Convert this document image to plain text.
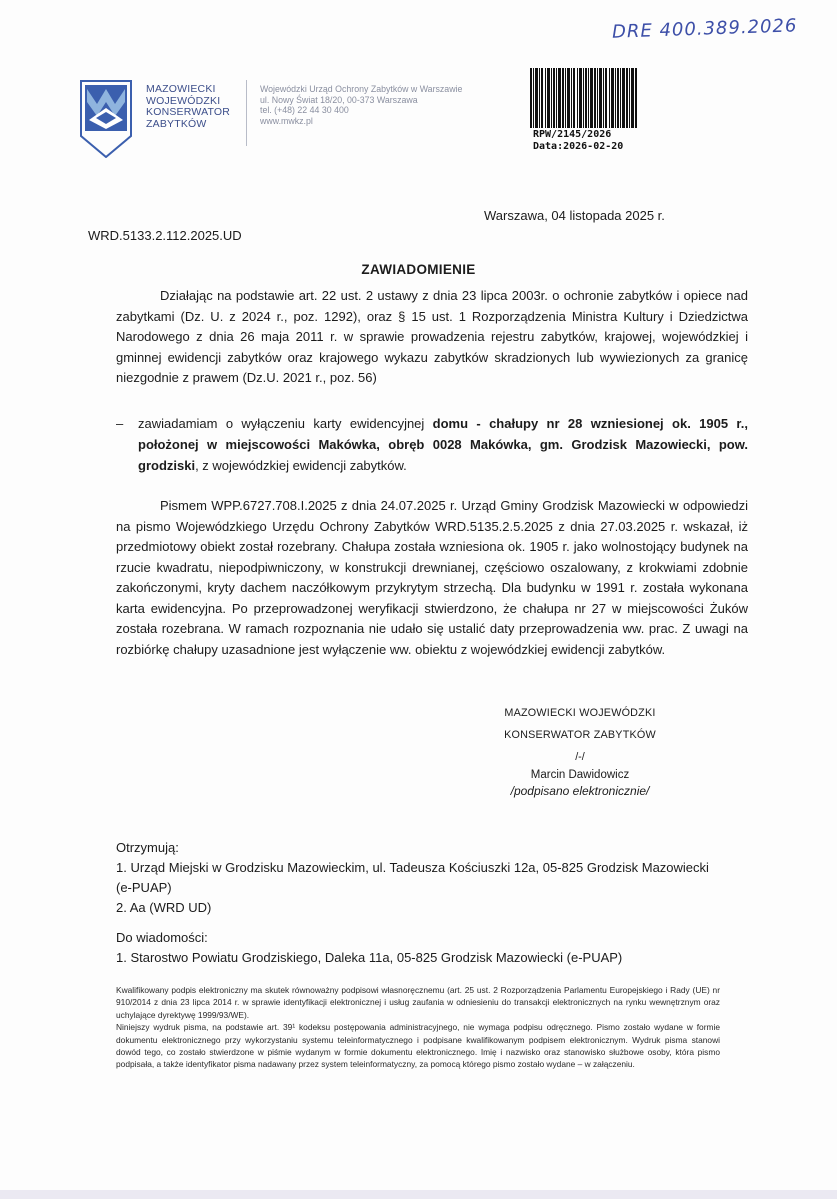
DRE 400.389.2026
MAZOWIECKI
WOJEWÓDZKI
KONSERWATOR
ZABYTKÓW
Wojewódzki Urząd Ochrony Zabytków w Warszawie
ul. Nowy Świat 18/20, 00-373 Warszawa
tel. (+48) 22 44 30 400
www.mwkz.pl
RPW/2145/2026
Data:2026-02-20
Warszawa, 04 listopada 2025 r.
WRD.5133.2.112.2025.UD
ZAWIADOMIENIE
Działając na podstawie art. 22 ust. 2 ustawy z dnia 23 lipca 2003r. o ochronie zabytków i opiece nad zabytkami (Dz. U. z 2024 r., poz. 1292), oraz § 15 ust. 1 Rozporządzenia Ministra Kultury i Dziedzictwa Narodowego z dnia 26 maja 2011 r. w sprawie prowadzenia rejestru zabytków, krajowej, wojewódzkiej i gminnej ewidencji zabytków oraz krajowego wykazu zabytków skradzionych lub wywiezionych za granicę niezgodnie z prawem (Dz.U. 2021 r., poz. 56)
–	zawiadamiam o wyłączeniu karty ewidencyjnej domu - chałupy nr 28 wzniesionej ok. 1905 r., położonej w miejscowości Makówka, obręb 0028 Makówka, gm. Grodzisk Mazowiecki, pow. grodziski, z wojewódzkiej ewidencji zabytków.
Pismem WPP.6727.708.I.2025 z dnia 24.07.2025 r. Urząd Gminy Grodzisk Mazowiecki w odpowiedzi na pismo Wojewódzkiego Urzędu Ochrony Zabytków WRD.5135.2.5.2025 z dnia 27.03.2025 r. wskazał, iż przedmiotowy obiekt został rozebrany. Chałupa została wzniesiona ok. 1905 r. jako wolnostojący budynek na rzucie kwadratu, niepodpiwniczony, w konstrukcji drewnianej, częściowo oszalowany, z krokwiami zdobnie zakończonymi, kryty dachem naczółkowym przykrytym strzechą. Dla budynku w 1991 r. została wykonana karta ewidencyjna. Po przeprowadzonej weryfikacji stwierdzono, że chałupa nr 27 w miejscowości Żuków została rozebrana. W ramach rozpoznania nie udało się ustalić daty przeprowadzenia ww. prac. Z uwagi na rozbiórkę chałupy uzasadnione jest wyłączenie ww. obiektu z wojewódzkiej ewidencji zabytków.
MAZOWIECKI WOJEWÓDZKI
KONSERWATOR ZABYTKÓW
/-/
Marcin Dawidowicz
/podpisano elektronicznie/
Otrzymują:
1. Urząd Miejski w Grodzisku Mazowieckim, ul. Tadeusza Kościuszki 12a, 05-825 Grodzisk Mazowiecki
(e-PUAP)
2. Aa (WRD UD)
Do wiadomości:
1. Starostwo Powiatu Grodziskiego, Daleka 11a, 05-825 Grodzisk Mazowiecki (e-PUAP)

Kwalifikowany podpis elektroniczny ma skutek równoważny podpisowi własnoręcznemu (art. 25 ust. 2 Rozporządzenia Parlamentu Europejskiego i Rady (UE) nr 910/2014 z dnia 23 lipca 2014 r. w sprawie identyfikacji elektronicznej i usług zaufania w odniesieniu do transakcji elektronicznych na rynku wewnętrznym oraz uchylające dyrektywę 1999/93/WE).

Niniejszy wydruk pisma, na podstawie art. 39¹ kodeksu postępowania administracyjnego, nie wymaga podpisu odręcznego. Pismo zostało wydane w formie dokumentu elektronicznego przy wykorzystaniu systemu teleinformatycznego i podpisane kwalifikowanym podpisem elektronicznym. Wydruk pisma stanowi dowód tego, co zostało stwierdzone w piśmie wydanym w formie dokumentu elektronicznego. Imię i nazwisko oraz stanowisko służbowe osoby, która pismo podpisała, a także identyfikator pisma nadawany przez system teleinformatyczny, za pomocą którego pismo zostało wydane – w załączeniu.
